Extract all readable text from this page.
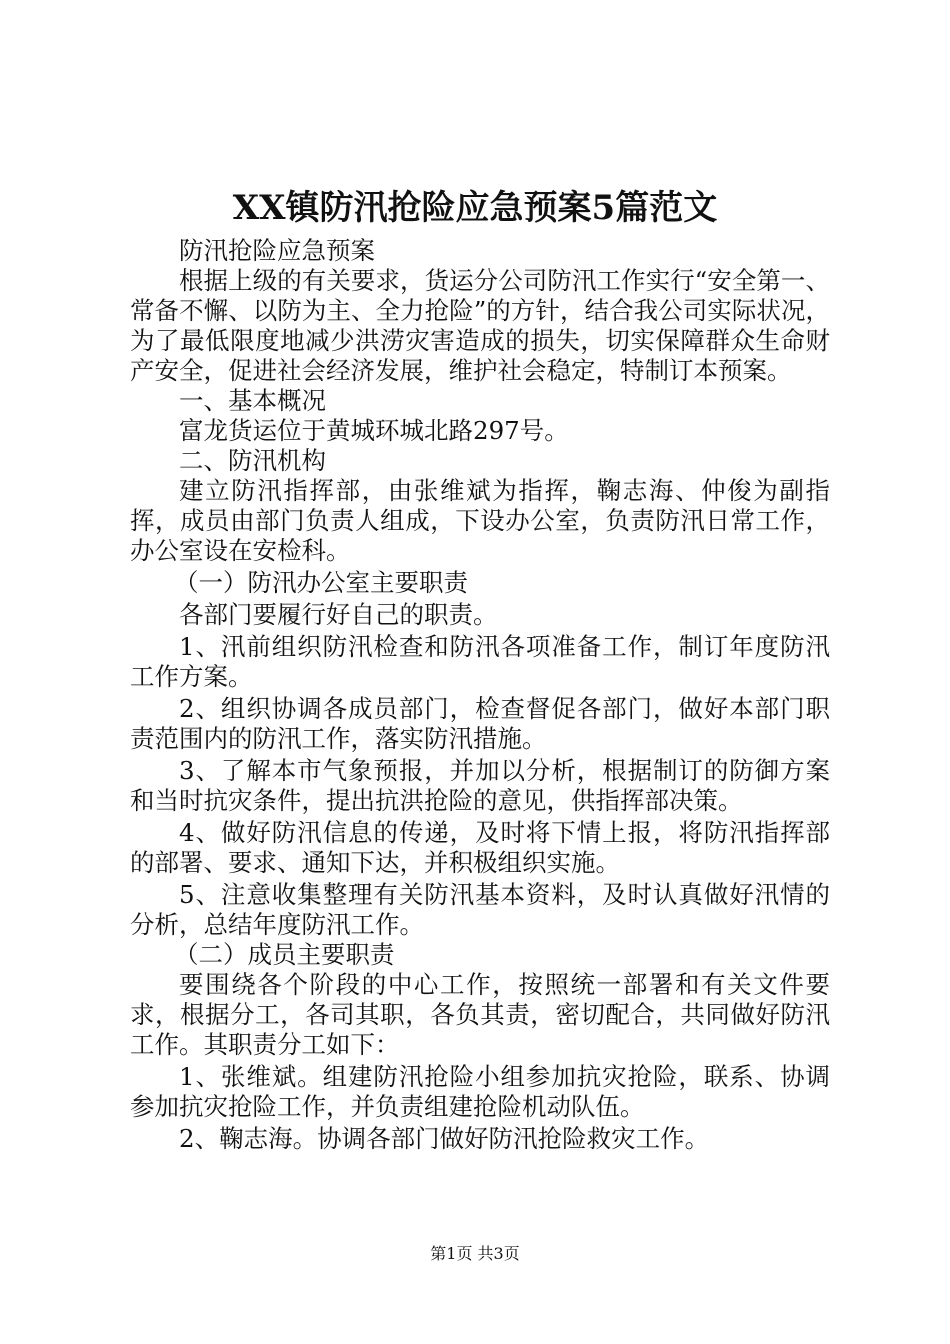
XX镇防汛抢险应急预案5篇范文

防汛抢险应急预案

根据上级的有关要求，货运分公司防汛工作实行“安全第一、常备不懈、以防为主、全力抢险”的方针，结合我公司实际状况，为了最低限度地减少洪涝灾害造成的损失，切实保障群众生命财产安全，促进社会经济发展，维护社会稳定，特制订本预案。

一、基本概况

富龙货运位于黄城环城北路297号。

二、防汛机构

建立防汛指挥部，由张维斌为指挥，鞠志海、仲俊为副指挥，成员由部门负责人组成，下设办公室，负责防汛日常工作，办公室设在安检科。

（一）防汛办公室主要职责

各部门要履行好自己的职责。

1、汛前组织防汛检查和防汛各项准备工作，制订年度防汛工作方案。

2、组织协调各成员部门，检查督促各部门，做好本部门职责范围内的防汛工作，落实防汛措施。

3、了解本市气象预报，并加以分析，根据制订的防御方案和当时抗灾条件，提出抗洪抢险的意见，供指挥部决策。

4、做好防汛信息的传递，及时将下情上报，将防汛指挥部的部署、要求、通知下达，并积极组织实施。

5、注意收集整理有关防汛基本资料，及时认真做好汛情的分析，总结年度防汛工作。

（二）成员主要职责

要围绕各个阶段的中心工作，按照统一部署和有关文件要求，根据分工，各司其职，各负其责，密切配合，共同做好防汛工作。其职责分工如下：

1、张维斌。组建防汛抢险小组参加抗灾抢险，联系、协调参加抗灾抢险工作，并负责组建抢险机动队伍。

2、鞠志海。协调各部门做好防汛抢险救灾工作。

第1页 共3页
